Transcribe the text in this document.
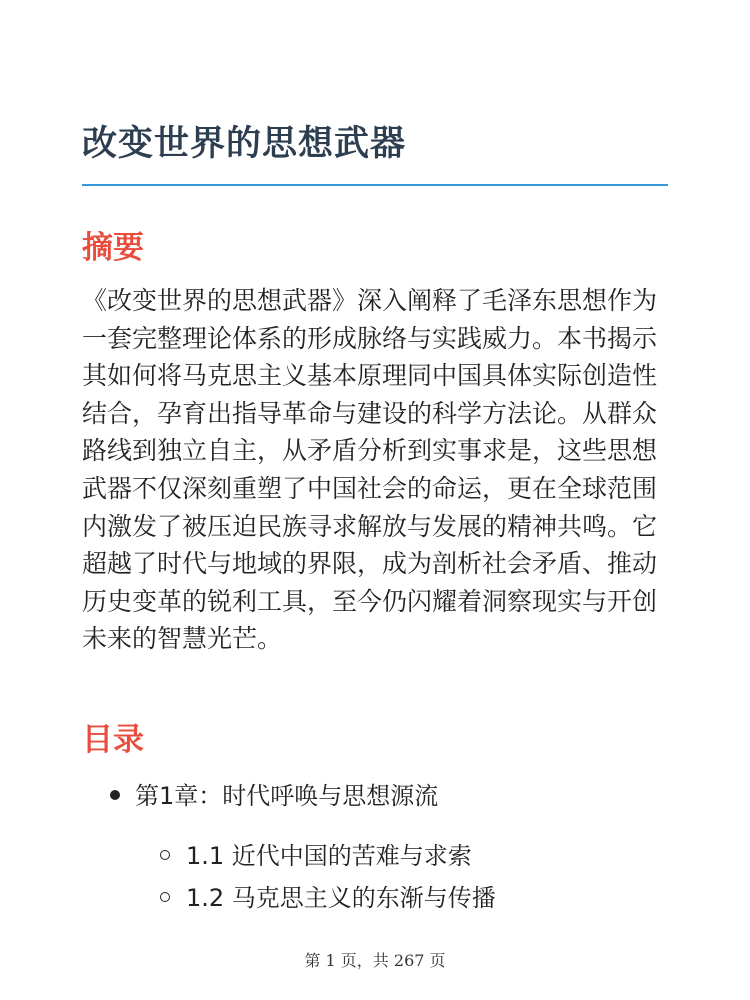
改变世界的思想武器
摘要

《改变世界的思想武器》深入阐释了毛泽东思想作为一套完整理论体系的形成脉络与实践威力。本书揭示其如何将马克思主义基本原理同中国具体实际创造性结合，孕育出指导革命与建设的科学方法论。从群众路线到独立自主，从矛盾分析到实事求是，这些思想武器不仅深刻重塑了中国社会的命运，更在全球范围内激发了被压迫民族寻求解放与发展的精神共鸣。它超越了时代与地域的界限，成为剖析社会矛盾、推动历史变革的锐利工具，至今仍闪耀着洞察现实与开创未来的智慧光芒。

目录
第1章：时代呼唤与思想源流
1.1 近代中国的苦难与求索
1.2 马克思主义的东渐与传播
第 1 页，共 267 页
